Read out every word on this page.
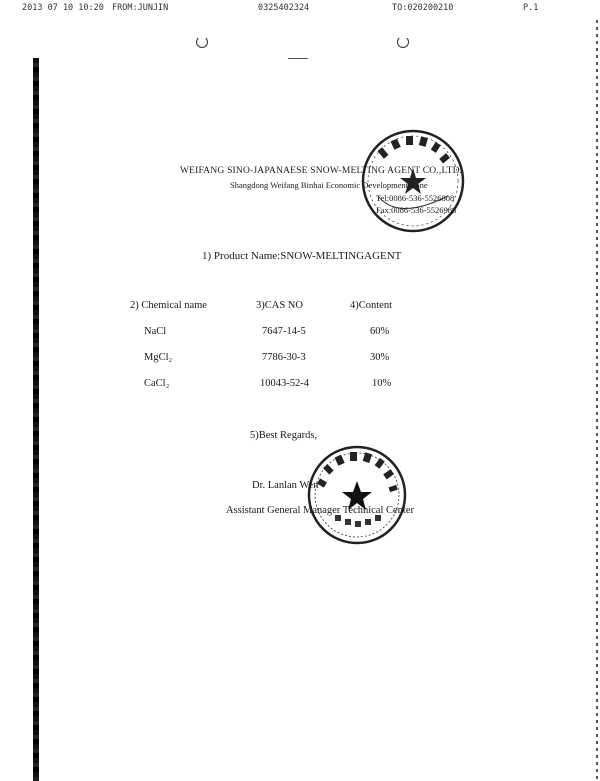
2013 07 10 10:20 FROM:JUNJIN	0325402324	TO:020200210	P.1
WEIFANG SINO-JAPANAESE SNOW-MELTING AGENT CO.,LTD.
Shangdong Weifang Binhai Economic Development Zone
Tel:0086-536-5526808
Fax:0086-536-5526988
1) Product Name:SNOW-MELTINGAGENT
2) Chemical name	3)CAS NO	4)Content
NaCl	7647-14-5	60%
MgCl₂	7786-30-3	30%
CaCl₂	10043-52-4	10%
5)Best Regards,
Dr. Lanlan Wen
Assistant General Manager Technical Center
